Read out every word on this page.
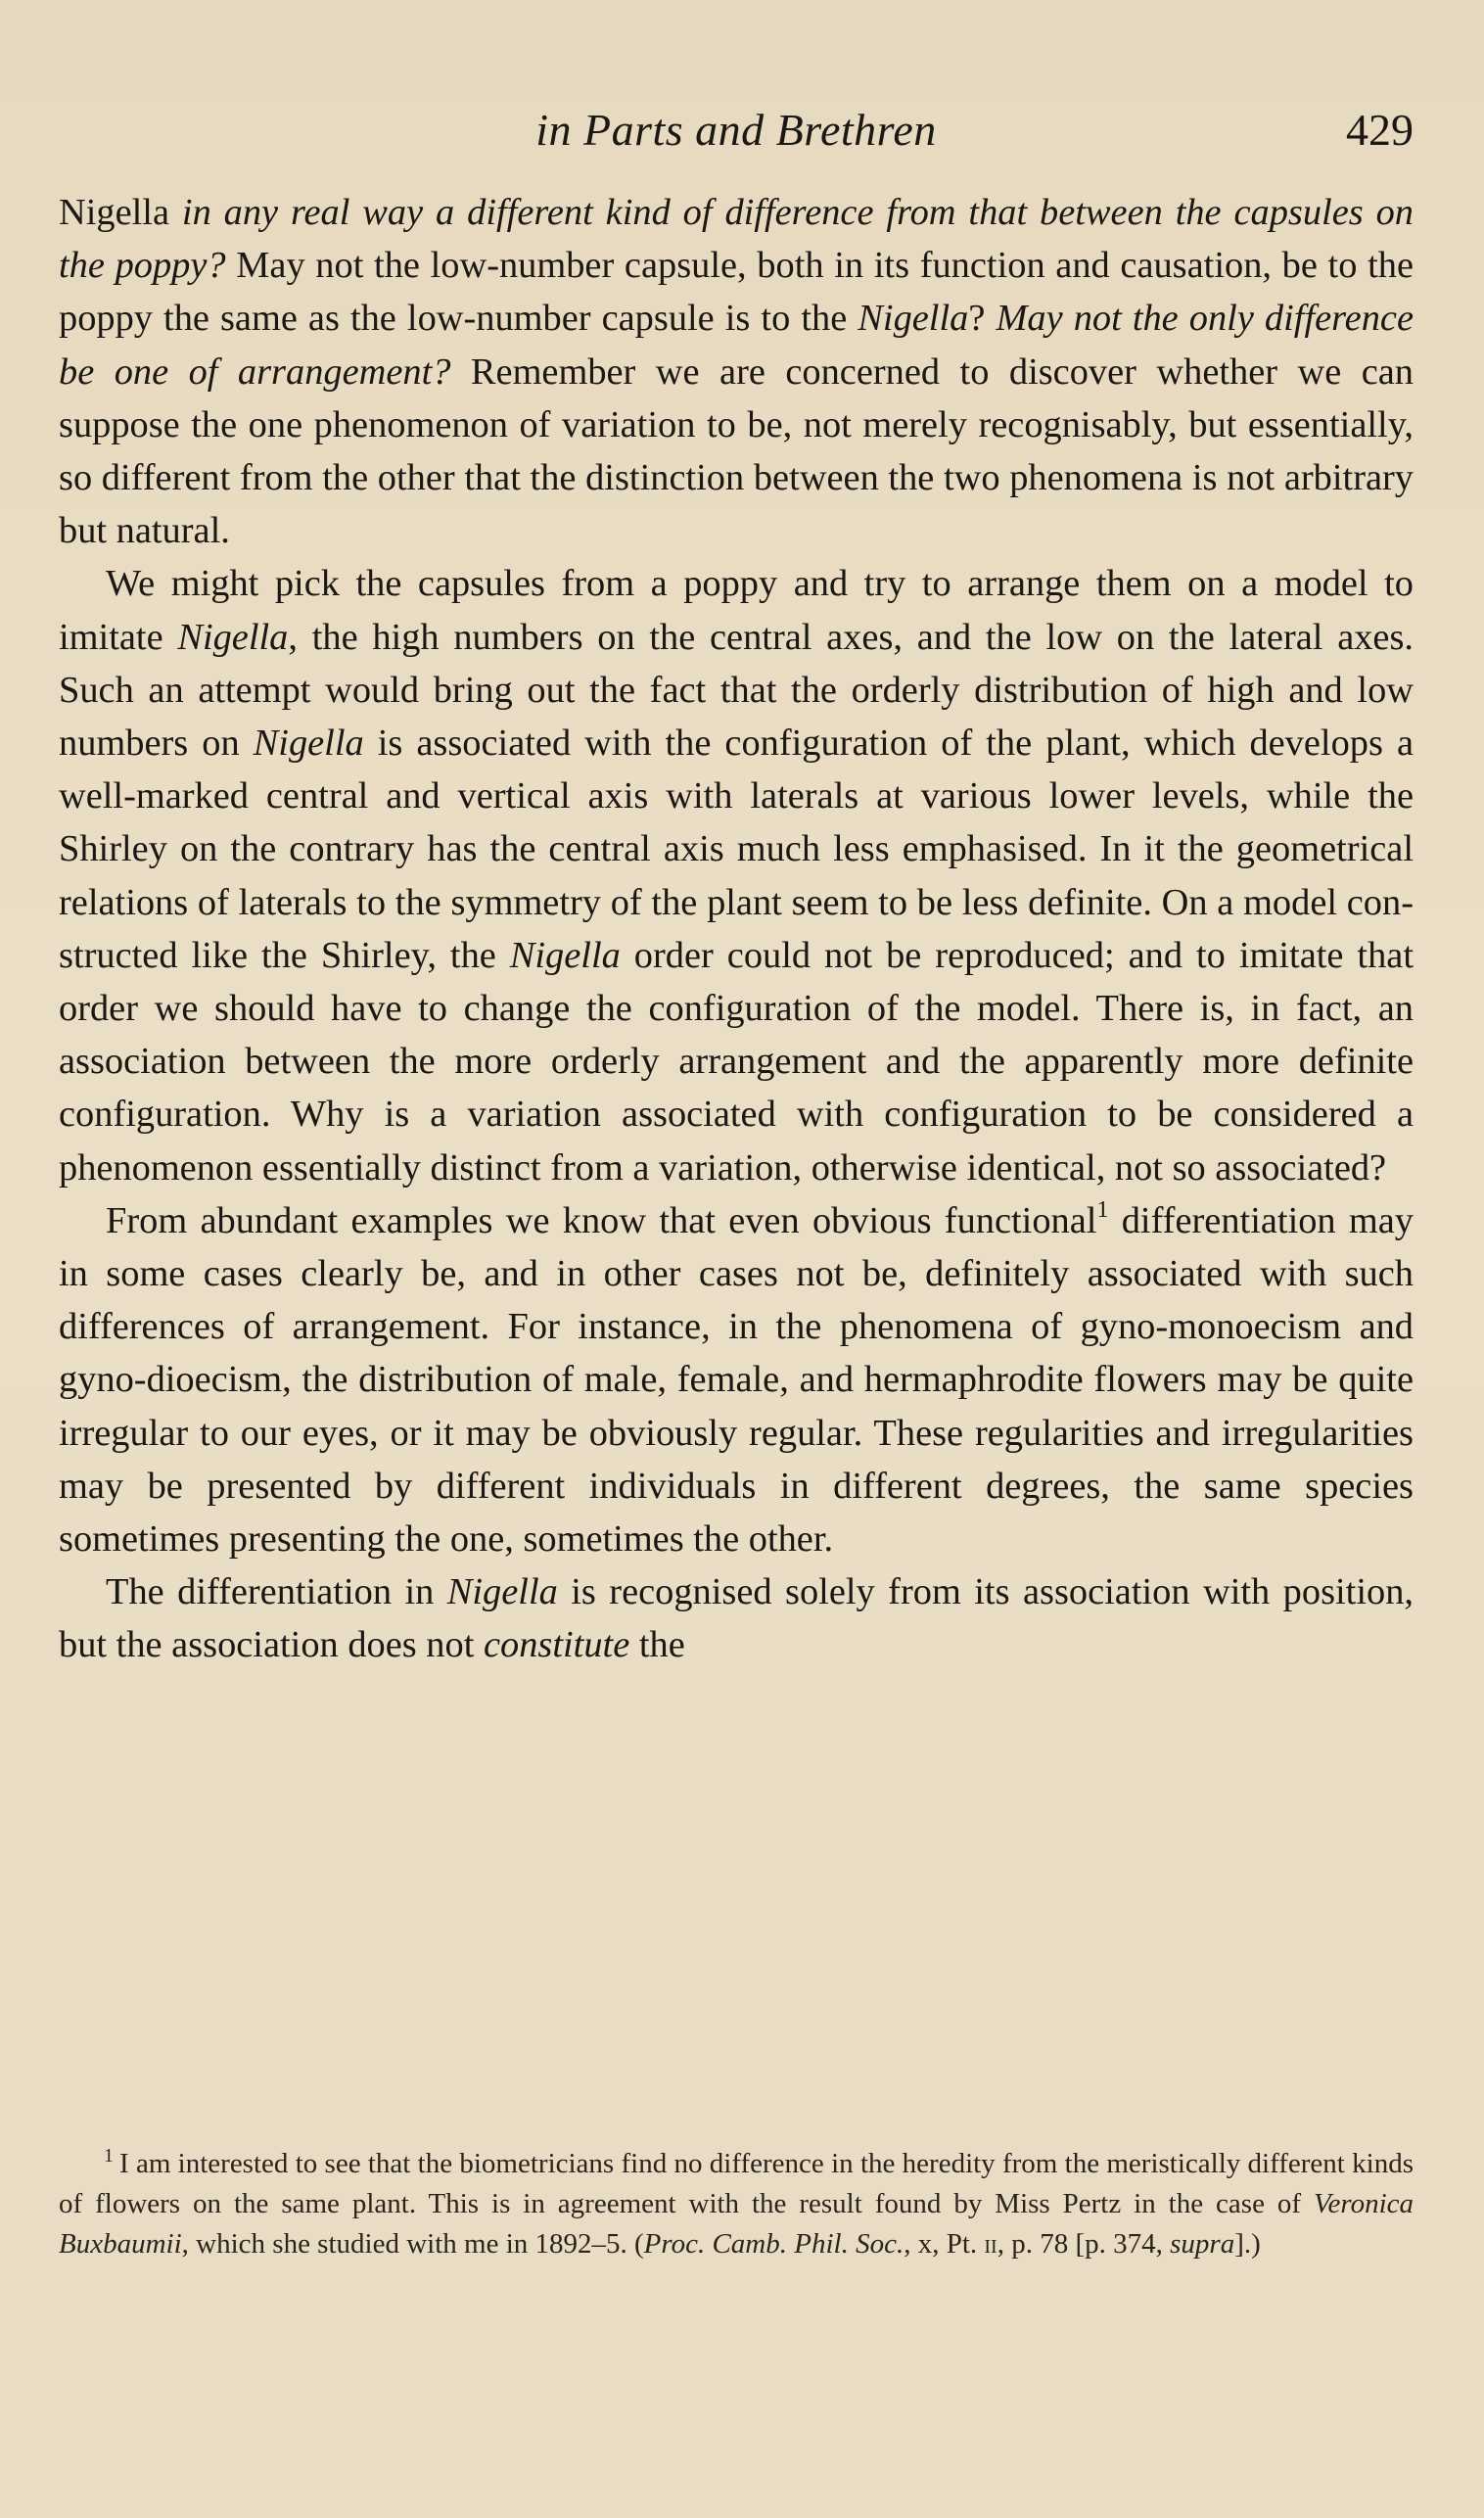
in Parts and Brethren	429

Nigella in any real way a different kind of difference from that between the capsules on the poppy? May not the low-number capsule, both in its function and causation, be to the poppy the same as the low-number capsule is to the Nigella? May not the only difference be one of arrangement? Remember we are concerned to discover whether we can suppose the one phenomenon of variation to be, not merely recognisably, but essentially, so different from the other that the distinction between the two phenomena is not arbitrary but natural.

We might pick the capsules from a poppy and try to arrange them on a model to imitate Nigella, the high numbers on the central axes, and the low on the lateral axes. Such an attempt would bring out the fact that the orderly distribution of high and low numbers on Nigella is associated with the configuration of the plant, which develops a well-marked central and vertical axis with laterals at various lower levels, while the Shirley on the contrary has the central axis much less emphasised. In it the geometrical relations of laterals to the symmetry of the plant seem to be less definite. On a model constructed like the Shirley, the Nigella order could not be reproduced; and to imitate that order we should have to change the configuration of the model. There is, in fact, an association between the more orderly arrangement and the apparently more definite configuration. Why is a variation associated with configuration to be considered a phenomenon essentially distinct from a variation, otherwise identical, not so associated?

From abundant examples we know that even obvious functional$^1$ differentiation may in some cases clearly be, and in other cases not be, definitely associated with such differences of arrangement. For instance, in the phenomena of gyno-monoecism and gyno-dioecism, the distribution of male, female, and hermaphrodite flowers may be quite irregular to our eyes, or it may be obviously regular. These regularities and irregularities may be presented by different individuals in different degrees, the same species sometimes presenting the one, sometimes the other.

The differentiation in Nigella is recognised solely from its association with position, but the association does not constitute the

$^1$ I am interested to see that the biometricians find no difference in the heredity from the meristically different kinds of flowers on the same plant. This is in agreement with the result found by Miss Pertz in the case of Veronica Buxbaumii, which she studied with me in 1892–5. (Proc. Camb. Phil. Soc., x, Pt. ii, p. 78 [p. 374, supra].)
